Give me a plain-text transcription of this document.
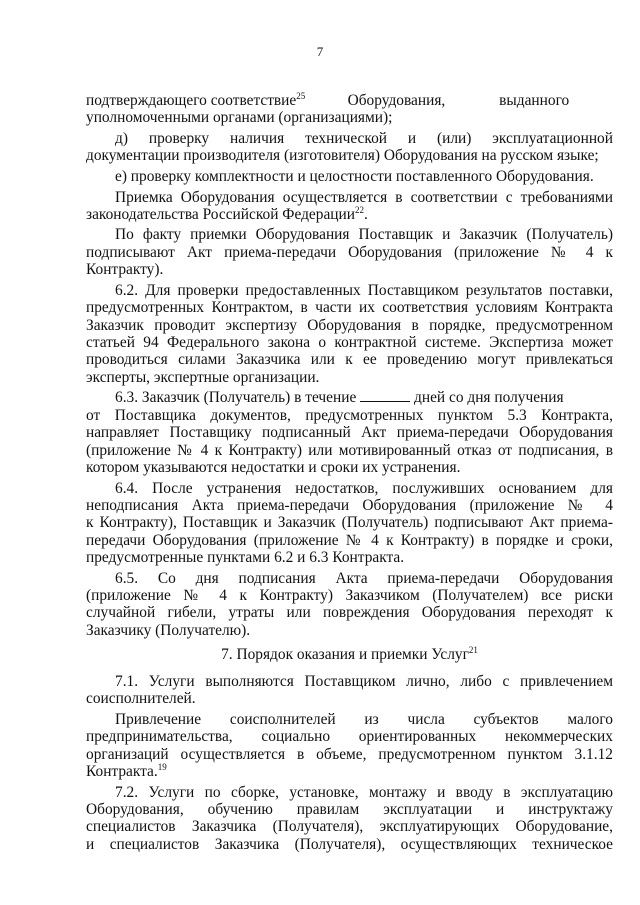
7
подтверждающего соответствие$^{25}$           Оборудования,              выданного
уполномоченными органами (организациями);
д) проверку наличия технической и (или) эксплуатационной
документации производителя (изготовителя) Оборудования на русском языке;
е) проверку комплектности и целостности поставленного Оборудования.
Приемка Оборудования осуществляется в соответствии с требованиями
законодательства Российской Федерации$^{22}$.
По факту приемки Оборудования Поставщик и Заказчик (Получатель)
подписывают Акт приема-передачи Оборудования (приложение № 4 к
Контракту).
6.2. Для проверки предоставленных Поставщиком результатов поставки,
предусмотренных Контрактом, в части их соответствия условиям Контракта
Заказчик проводит экспертизу Оборудования в порядке, предусмотренном
статьей 94 Федерального закона о контрактной системе. Экспертиза может
проводиться силами Заказчика или к ее проведению могут привлекаться
эксперты, экспертные организации.
6.3. Заказчик (Получатель) в течение	дней со дня получения
от Поставщика документов, предусмотренных пунктом 5.3 Контракта,
направляет Поставщику подписанный Акт приема-передачи Оборудования
(приложение № 4 к Контракту) или мотивированный отказ от подписания, в
котором указываются недостатки и сроки их устранения.
6.4. После устранения недостатков, послуживших основанием для
неподписания Акта приема-передачи Оборудования (приложение № 4
к Контракту), Поставщик и Заказчик (Получатель) подписывают Акт приема-
передачи Оборудования (приложение № 4 к Контракту) в порядке и сроки,
предусмотренные пунктами 6.2 и 6.3 Контракта.
6.5. Со дня подписания Акта приема-передачи Оборудования
(приложение № 4 к Контракту) Заказчиком (Получателем) все риски
случайной гибели, утраты или повреждения Оборудования переходят к
Заказчику (Получателю).
7. Порядок оказания и приемки Услуг$^{21}$
7.1. Услуги выполняются Поставщиком лично, либо с привлечением
соисполнителей.
Привлечение соисполнителей из числа субъектов малого
предпринимательства, социально ориентированных некоммерческих
организаций осуществляется в объеме, предусмотренном пунктом 3.1.12
Контракта.$^{19}$
7.2. Услуги по сборке, установке, монтажу и вводу в эксплуатацию
Оборудования, обучению правилам эксплуатации и инструктажу
специалистов Заказчика (Получателя), эксплуатирующих Оборудование,
и специалистов Заказчика (Получателя), осуществляющих техническое
